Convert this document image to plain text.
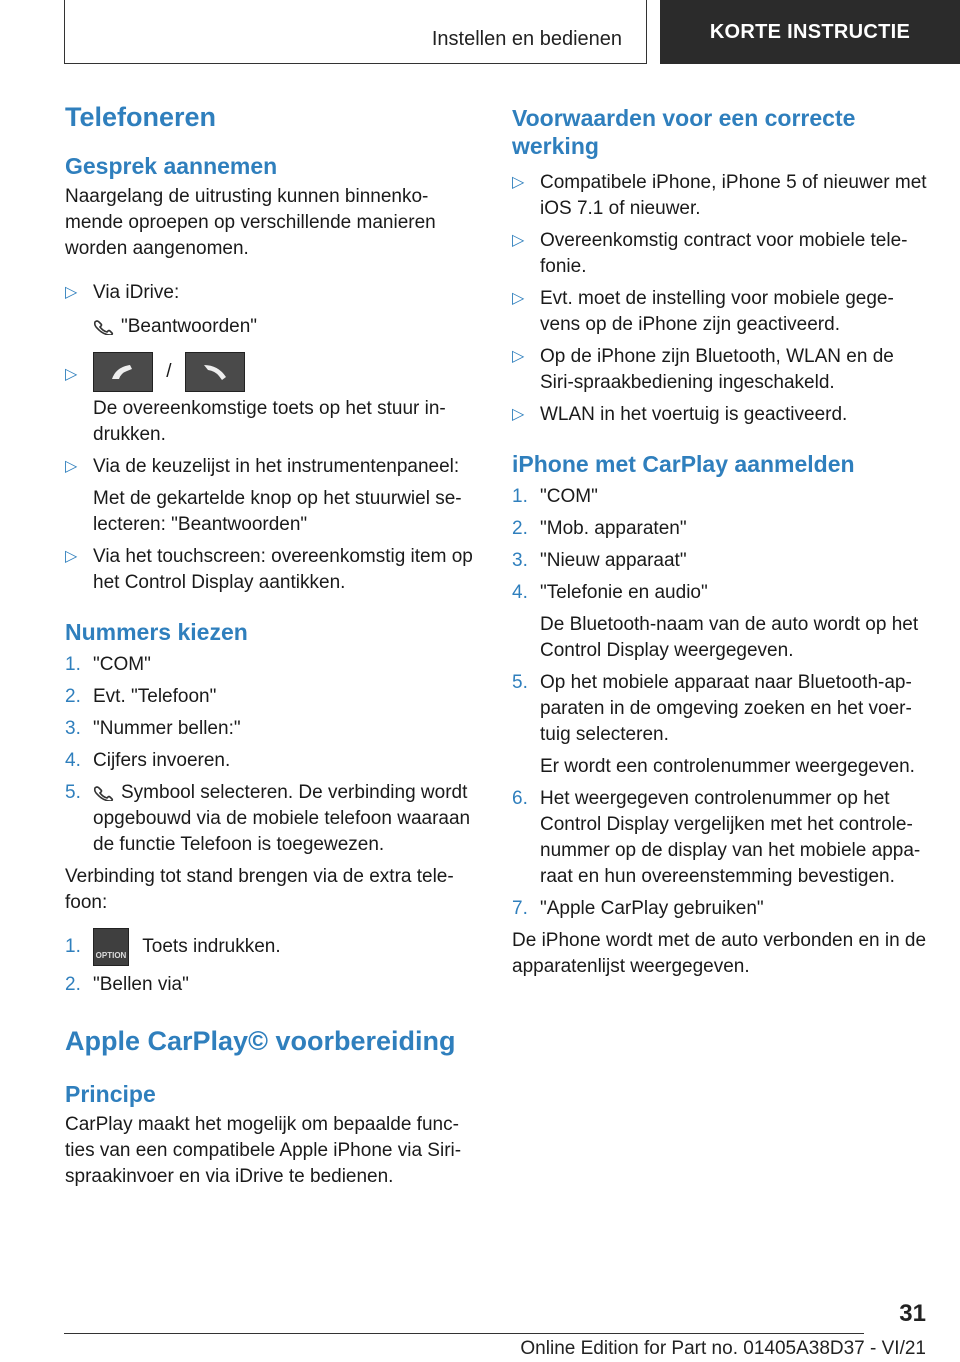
Instellen en bedienen	KORTE INSTRUCTIE
Telefoneren
Gesprek aannemen

Naargelang de uitrusting kunnen binnenko-mende oproepen op verschillende manieren worden aangenomen.

▷ Via iDrive:

"Beantwoorden"

▷	/

De overeenkomstige toets op het stuur in-drukken.

▷ Via de keuzelijst in het instrumentenpaneel:

Met de gekartelde knop op het stuurwiel se-lecteren: "Beantwoorden"

▷ Via het touchscreen: overeenkomstig item op het Control Display aantikken.

Nummers kiezen
1. "COM"
2. Evt. "Telefoon"
3. "Nummer bellen:"
4. Cijfers invoeren.
5.	Symbool selecteren. De verbinding wordt opgebouwd via de mobiele telefoon waaraan de functie Telefoon is toegewezen.

Verbinding tot stand brengen via de extra tele-foon:

1.	OPTION Toets indrukken.
2. "Bellen via"
Apple CarPlay© voorbereiding
Principe

CarPlay maakt het mogelijk om bepaalde func-ties van een compatibele Apple iPhone via Siri-spraakinvoer en via iDrive te bedienen.

Voorwaarden voor een correcte werking
▷ Compatibele iPhone, iPhone 5 of nieuwer met iOS 7.1 of nieuwer.
▷ Overeenkomstig contract voor mobiele tele-fonie.
▷ Evt. moet de instelling voor mobiele gege-vens op de iPhone zijn geactiveerd.
▷ Op de iPhone zijn Bluetooth, WLAN en de Siri-spraakbediening ingeschakeld.
▷ WLAN in het voertuig is geactiveerd.
iPhone met CarPlay aanmelden
1. "COM"
2. "Mob. apparaten"
3. "Nieuw apparaat"
4. "Telefonie en audio"

De Bluetooth-naam van de auto wordt op het Control Display weergegeven.

5. Op het mobiele apparaat naar Bluetooth-ap-paraten in de omgeving zoeken en het voer-tuig selecteren.

Er wordt een controlenummer weergegeven.

6. Het weergegeven controlenummer op het Control Display vergelijken met het controle-nummer op de display van het mobiele appa-raat en hun overeenstemming bevestigen.
7. "Apple CarPlay gebruiken"

De iPhone wordt met de auto verbonden en in de apparatenlijst weergegeven.

31
Online Edition for Part no. 01405A38D37 - VI/21
